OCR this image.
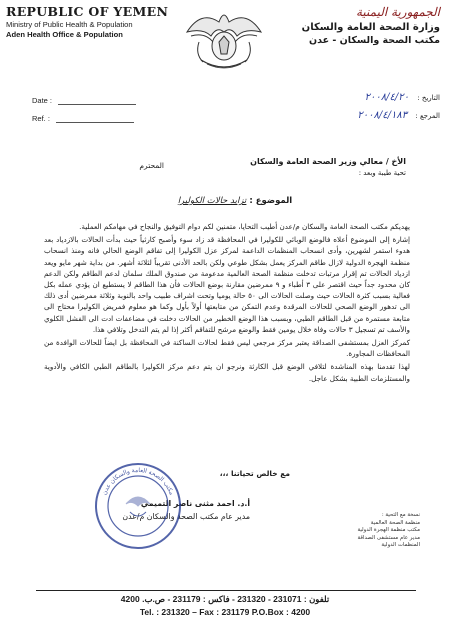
REPUBLIC OF YEMEN
Ministry of Public Health & Population
Aden Health Office & Population
الجمهورية اليمنية
وزارة الصحة العامة والسكان
مكتب الصحة والسكان - عدن
Date :
Ref. :
التاريخ : ٢٠٠٨/٤/٢٠
المرجع : ٢٠٠٨/٤/١٨٣
الأخ / معالي وزير الصحة العامة والسكان
تحية طيبة وبعد :
المحترم
الموضوع : تزايد حالات الكوليرا

يهديكم مكتب الصحة العامة والسكان م/عدن أطيب التحايا، متمنين لكم دوام التوفيق والنجاح في مهامكم العملية.

إشارة إلى الموضوع أعلاه فالوضع الوبائي للكوليرا في المحافظة قد زاد سوء وأصبح كارثياً حيث بدأت الحالات بالازدياد بعد هدوء استمر لشهرين، وأدى انسحاب المنظمات الداعمة لمركز عزل الكوليرا إلى تفاقم الوضع الحالي فانه ومنذ انسحاب منظمة الهجرة الدولية لازال طاقم المركز يعمل بشكل طوعي ولكن بالحد الأدنى تقريباً لثلاثة أشهر. من بداية شهر مايو ويعد ازدياد الحالات تم إقرار مرتبات تدخلت منظمة الصحة العالمية مدعومة من صندوق الملك سلمان لدعم الطاقم ولكن الدعم كان محدود جداً حيث اقتصر على ٣ أطباء و ٩ ممرضين مقارنة بوضع الحالات فأن هذا الطاقم لا يستطيع ان يؤدي عمله بكل فعالية بسبب كثرة الحالات حيث وصلت الحالات الى ٥٠ حالة يوميا وتحت اشراف طبيب واحد بالنوبة وثلاثة ممرضين أدى ذلك الى تدهور الوضع الصحي للحالات المرقدة وعدم التمكن من متابعتها أولاً بأول وكما هو معلوم فمريض الكوليرا محتاج الى متابعة مستمرة من قبل الطاقم الطبي، وبسبب هذا الوضع الخطير من الحالات دخلت في مضاعفات ادت الى الفشل الكلوي والأسف تم تسجيل ٣ حالات وفاة خلال يومين فقط والوضع مرشح للتفاقم أكثر إذا لم يتم التدخل وتلافي هذا.

كمركز العزل بمستشفى الصداقة يعتبر مركز مرجعي ليس فقط لحالات الساكنة في المحافظة بل ايضاً للحالات الوافدة من المحافظات المجاورة.

لهذا تقدمنا بهذه المناشدة لتلافي الوضع قبل الكارثة ونرجو ان يتم دعم مركز الكوليرا بالطاقم الطبي الكافي والأدوية والمستلزمات الطبية بشكل عاجل.

مع خالص تحياتنا ،،،
أ.د. احمد مثنى ناصر التميمي
مدير عام مكتب الصحة والسكان م/عدن
مكتب الصحة العامة والسكان عدن
نسخة مع التحية :
منظمة الصحة العالمية
مكتب منظمة الهجرة الدولية
مدير عام مستشفى الصداقة
المنظمات الدولية
تلفون : 231071 - 231320 - فاكس : 231179 - ص.ب. 4200
Tel. : 231320 – Fax : 231179 P.O.Box : 4200
